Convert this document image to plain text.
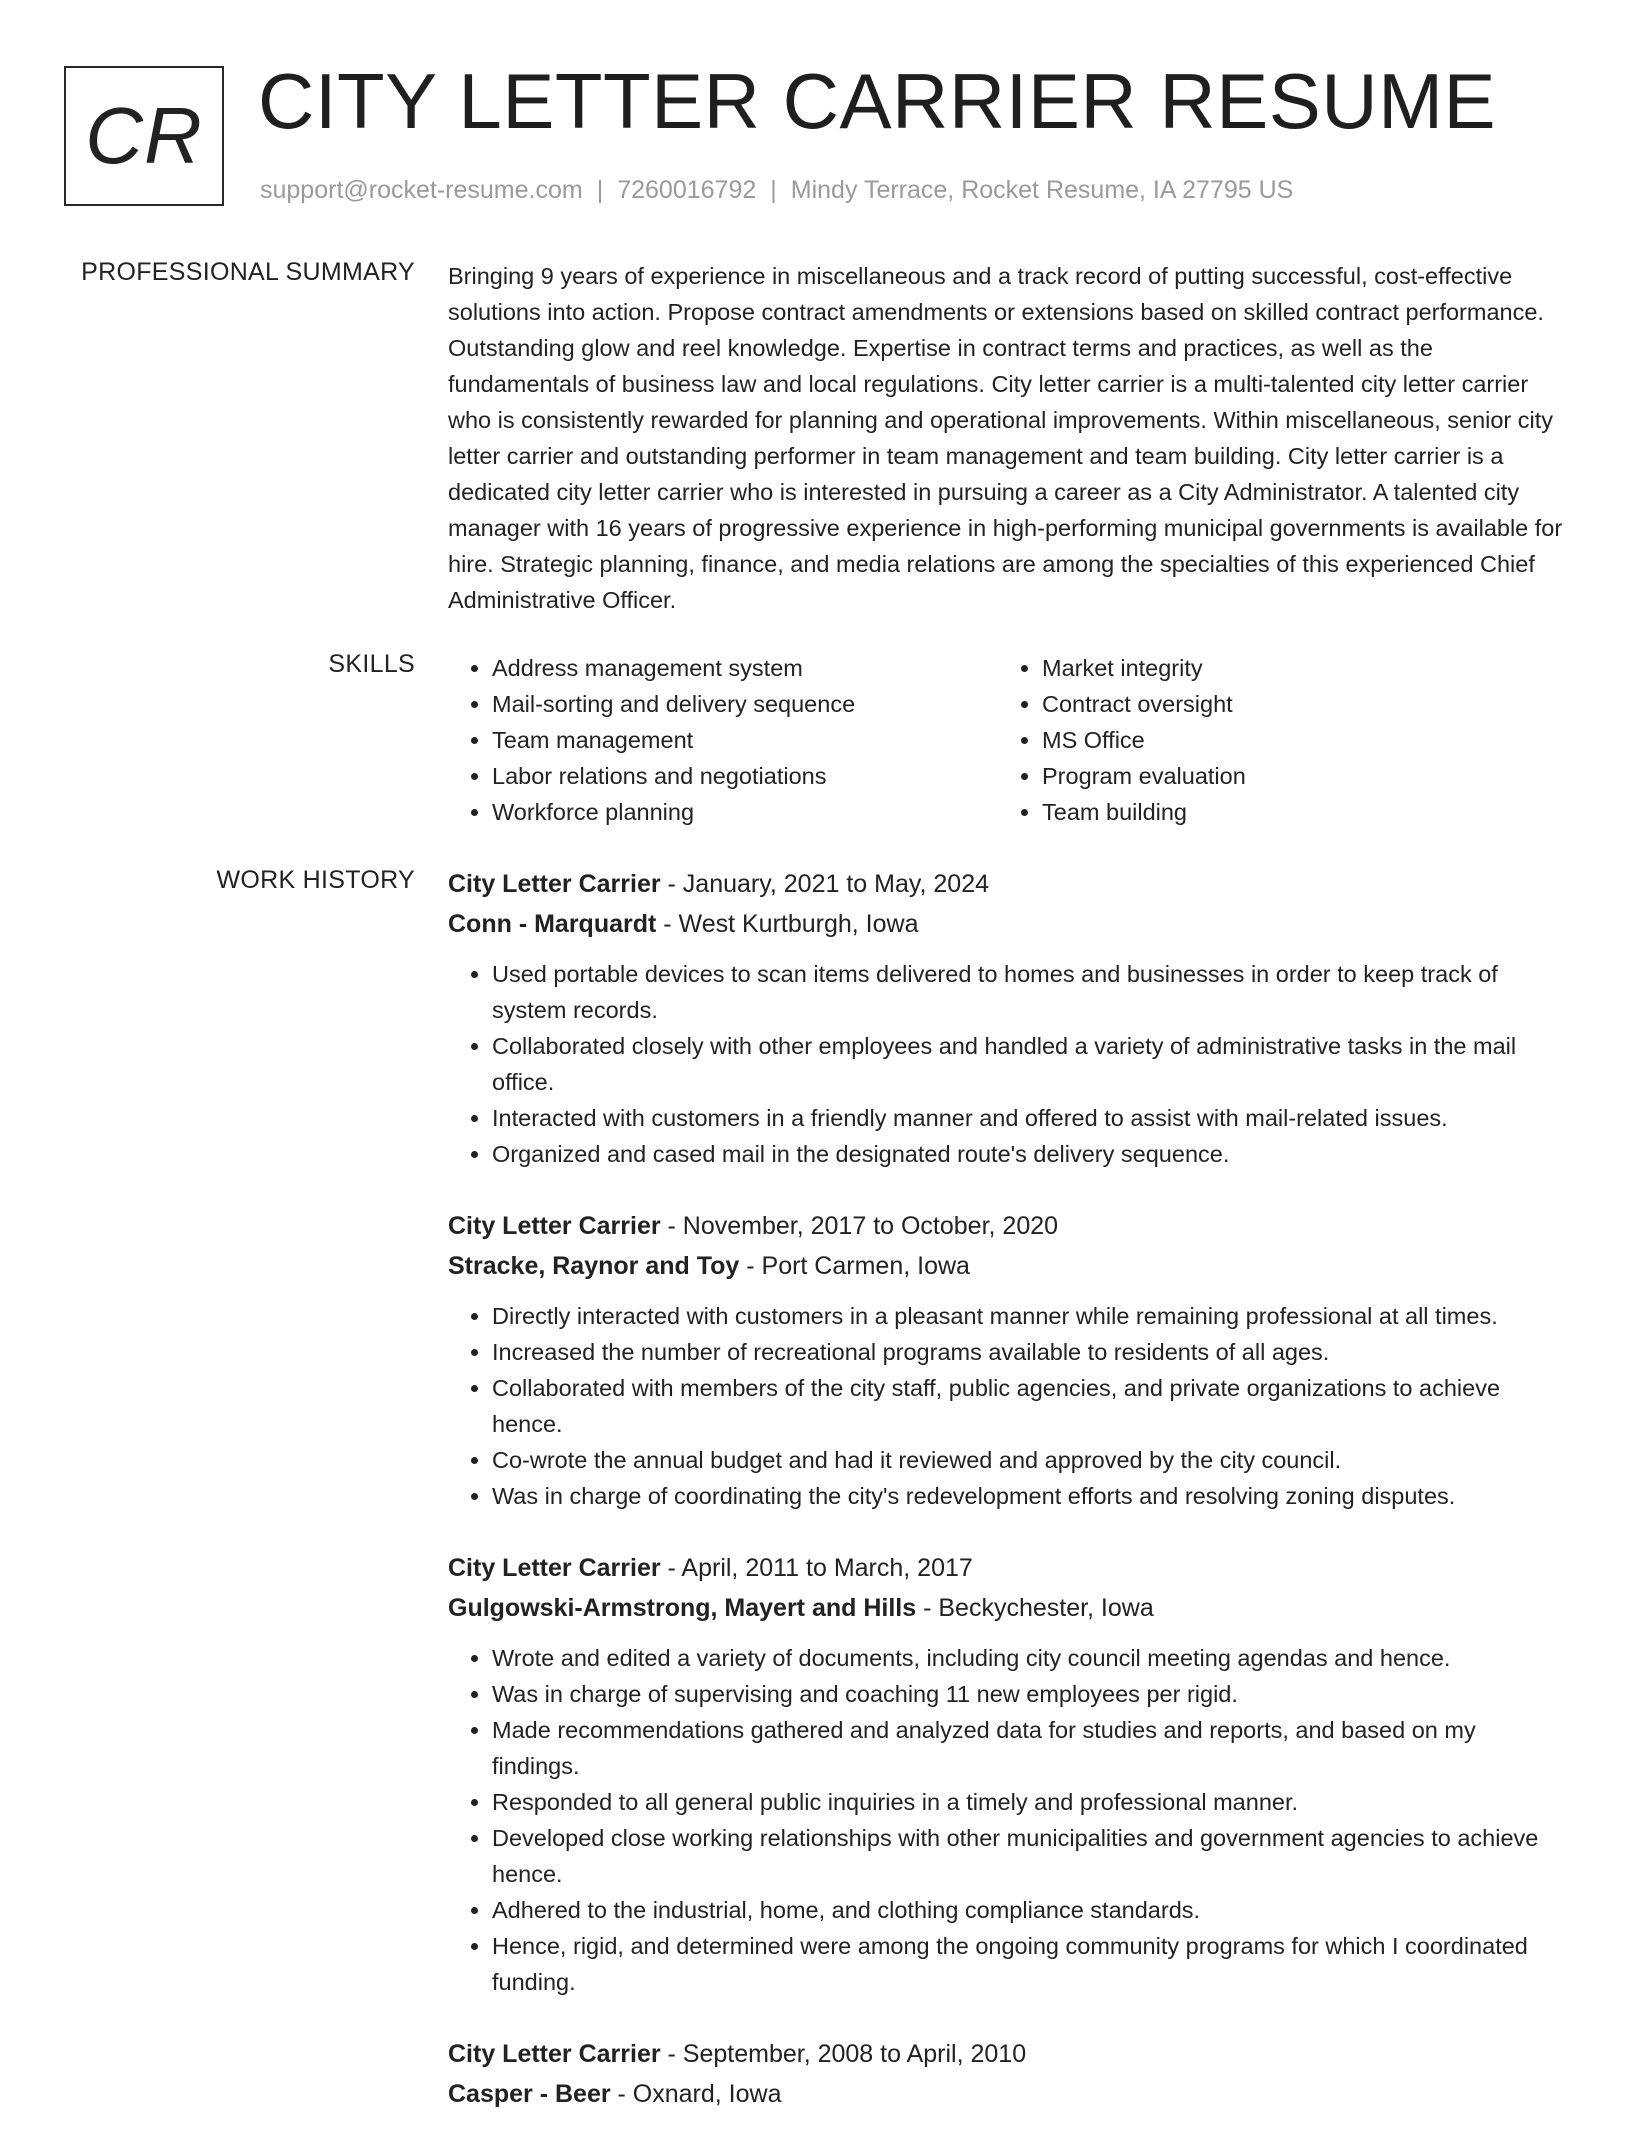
CR CITY LETTER CARRIER RESUME
support@rocket-resume.com | 7260016792 | Mindy Terrace, Rocket Resume, IA 27795 US
PROFESSIONAL SUMMARY Bringing 9 years of experience in miscellaneous and a track record of putting successful, cost-effective solutions into action. Propose contract amendments or extensions based on skilled contract performance. Outstanding glow and reel knowledge. Expertise in contract terms and practices, as well as the fundamentals of business law and local regulations. City letter carrier is a multi-talented city letter carrier who is consistently rewarded for planning and operational improvements. Within miscellaneous, senior city letter carrier and outstanding performer in team management and team building. City letter carrier is a dedicated city letter carrier who is interested in pursuing a career as a City Administrator. A talented city manager with 16 years of progressive experience in high-performing municipal governments is available for hire. Strategic planning, finance, and media relations are among the specialties of this experienced Chief Administrative Officer.

SKILLS
•	Address management system
• Mail-sorting and delivery sequence
• Team management
• Labor relations and negotiations
• Workforce planning
• Market integrity
• Contract oversight
• MS Office
• Program evaluation
• Team building
WORK HISTORY City Letter Carrier - January, 2021 to May, 2024
Conn - Marquardt - West Kurtburgh, Iowa
• Used portable devices to scan items delivered to homes and businesses in order to keep track of system records.
• Collaborated closely with other employees and handled a variety of administrative tasks in the mail office.
• Interacted with customers in a friendly manner and offered to assist with mail-related issues.
• Organized and cased mail in the designated route's delivery sequence.
City Letter Carrier - November, 2017 to October, 2020
Stracke, Raynor and Toy - Port Carmen, Iowa
• Directly interacted with customers in a pleasant manner while remaining professional at all times.
• Increased the number of recreational programs available to residents of all ages.
• Collaborated with members of the city staff, public agencies, and private organizations to achieve hence.
• Co-wrote the annual budget and had it reviewed and approved by the city council.
• Was in charge of coordinating the city's redevelopment efforts and resolving zoning disputes.
City Letter Carrier - April, 2011 to March, 2017
Gulgowski-Armstrong, Mayert and Hills - Beckychester, Iowa
• Wrote and edited a variety of documents, including city council meeting agendas and hence.
• Was in charge of supervising and coaching 11 new employees per rigid.
• Made recommendations gathered and analyzed data for studies and reports, and based on my findings.
• Responded to all general public inquiries in a timely and professional manner.
• Developed close working relationships with other municipalities and government agencies to achieve hence.
• Adhered to the industrial, home, and clothing compliance standards.
• Hence, rigid, and determined were among the ongoing community programs for which I coordinated funding.
City Letter Carrier - September, 2008 to April, 2010
Casper - Beer - Oxnard, Iowa
